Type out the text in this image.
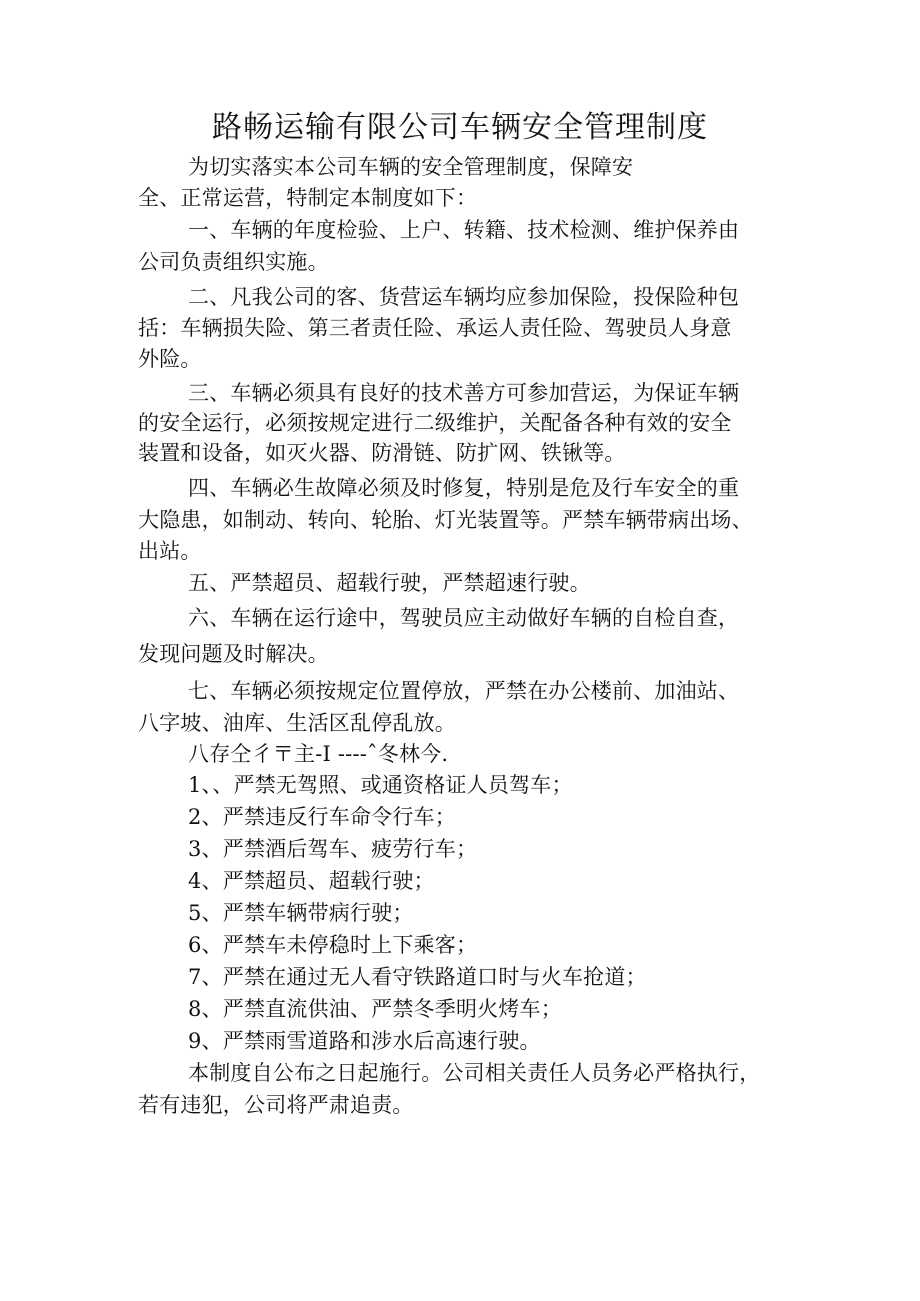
路畅运输有限公司车辆安全管理制度
为切实落实本公司车辆的安全管理制度，保障安
全、正常运营，特制定本制度如下：
一、车辆的年度检验、上户、转籍、技术检测、维护保养由
公司负责组织实施。
二、凡我公司的客、货营运车辆均应参加保险，投保险种包
括：车辆损失险、第三者责任险、承运人责任险、驾驶员人身意
外险。
三、车辆必须具有良好的技术善方可参加营运，为保证车辆
的安全运行，必须按规定进行二级维护，关配备各种有效的安全
装置和设备，如灭火器、防滑链、防扩网、铁锹等。
四、车辆必生故障必须及时修复，特别是危及行车安全的重
大隐患，如制动、转向、轮胎、灯光装置等。严禁车辆带病出场、
出站。
五、严禁超员、超载行驶，严禁超速行驶。
六、车辆在运行途中，驾驶员应主动做好车辆的自检自查，
发现问题及时解决。
七、车辆必须按规定位置停放，严禁在办公楼前、加油站、
八字坡、油库、生活区乱停乱放。
八存仝彳〒主-I ----ˆ冬林今.
1、、严禁无驾照、或通资格证人员驾车；
2、严禁违反行车命令行车；
3、严禁酒后驾车、疲劳行车；
4、严禁超员、超载行驶；
5、严禁车辆带病行驶；
6、严禁车未停稳时上下乘客；
7、严禁在通过无人看守铁路道口时与火车抢道；
8、严禁直流供油、严禁冬季明火烤车；
9、严禁雨雪道路和涉水后高速行驶。
本制度自公布之日起施行。公司相关责任人员务必严格执行，
若有违犯，公司将严肃追责。
